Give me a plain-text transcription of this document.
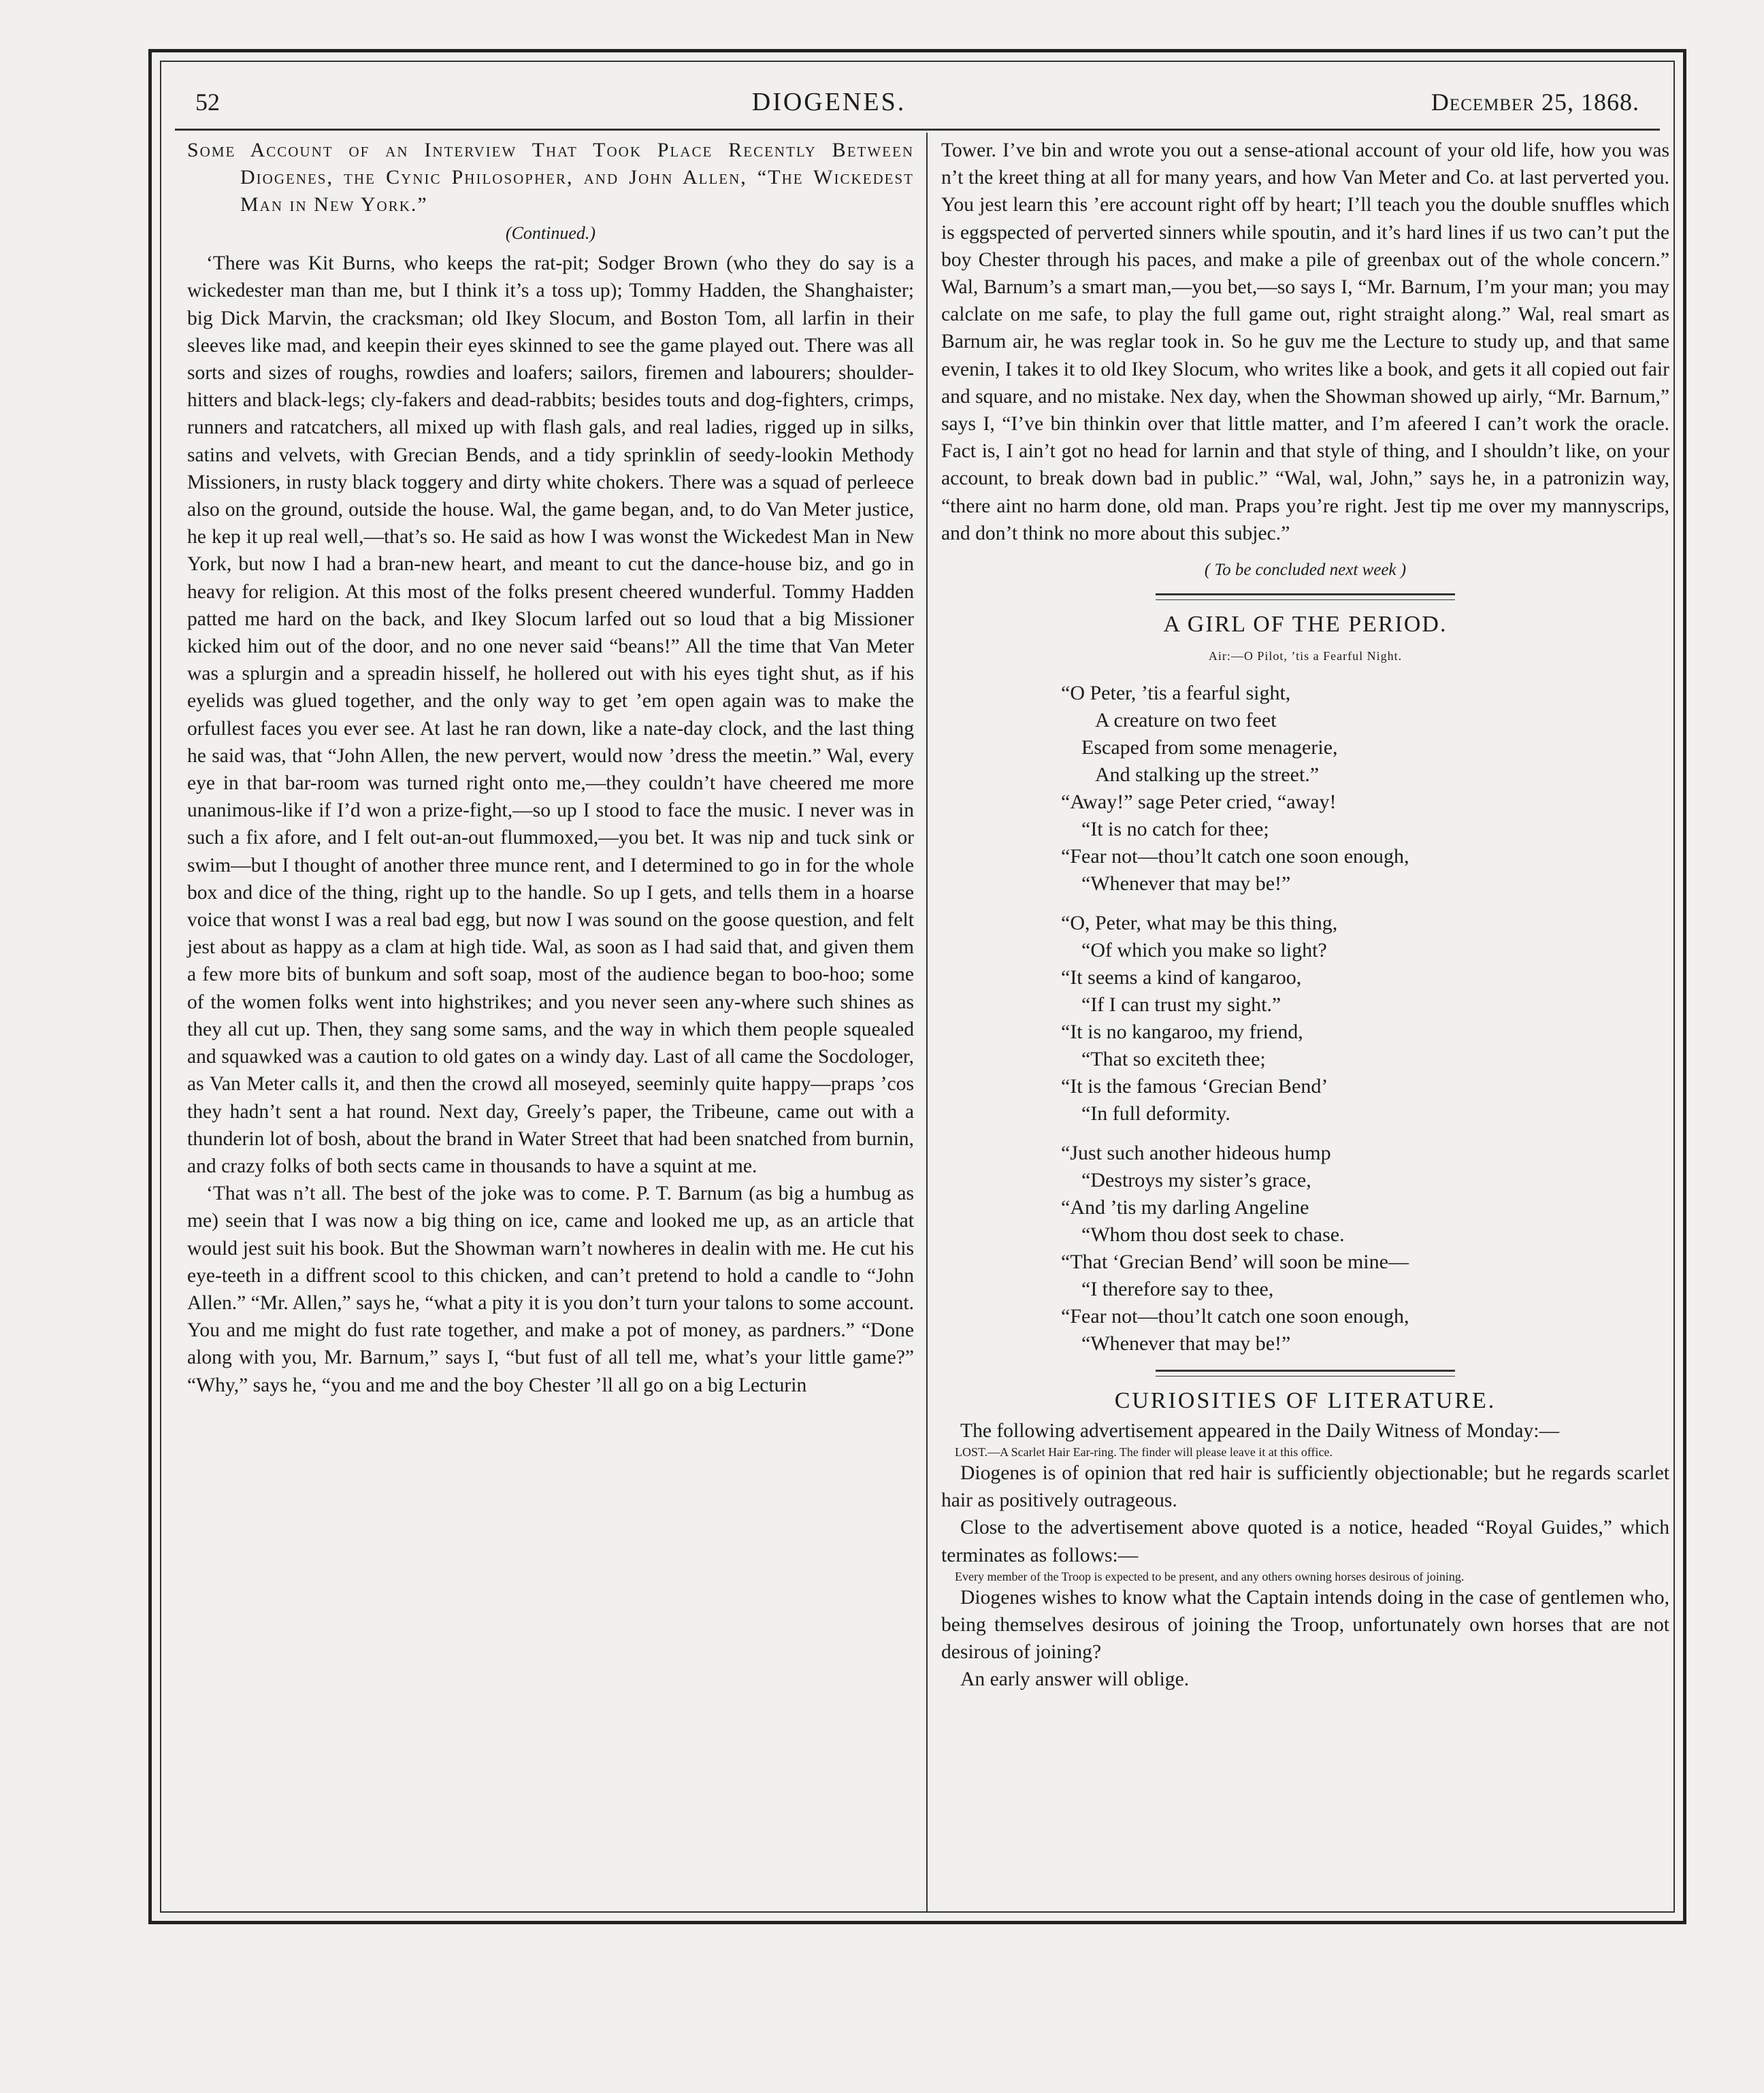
52	DIOGENES.	December 25, 1868.
Some Account of an Interview That Took Place Recently Between Diogenes, the Cynic Philosopher, and John Allen, “The Wickedest Man in New York.”
(Continued.)

‘There was Kit Burns, who keeps the rat-pit; Sodger Brown (who they do say is a wickedester man than me, but I think it’s a toss up); Tommy Hadden, the Shanghaister; big Dick Marvin, the cracksman; old Ikey Slocum, and Boston Tom, all larfin in their sleeves like mad, and keepin their eyes skinned to see the game played out. There was all sorts and sizes of roughs, rowdies and loafers; sailors, firemen and labourers; shoulder-hitters and black-legs; cly-fakers and dead-rabbits; besides touts and dog-fighters, crimps, runners and ratcatchers, all mixed up with flash gals, and real ladies, rigged up in silks, satins and velvets, with Grecian Bends, and a tidy sprinklin of seedy-lookin Methody Missioners, in rusty black toggery and dirty white chokers. There was a squad of perleece also on the ground, outside the house. Wal, the game began, and, to do Van Meter justice, he kep it up real well,—that’s so. He said as how I was wonst the Wickedest Man in New York, but now I had a bran-new heart, and meant to cut the dance-house biz, and go in heavy for religion. At this most of the folks present cheered wunderful. Tommy Hadden patted me hard on the back, and Ikey Slocum larfed out so loud that a big Missioner kicked him out of the door, and no one never said “beans!” All the time that Van Meter was a splurgin and a spreadin hisself, he hollered out with his eyes tight shut, as if his eyelids was glued together, and the only way to get ’em open again was to make the orfullest faces you ever see. At last he ran down, like a nate-day clock, and the last thing he said was, that “John Allen, the new pervert, would now ’dress the meetin.” Wal, every eye in that bar-room was turned right onto me,—they couldn’t have cheered me more unanimous-like if I’d won a prize-fight,—so up I stood to face the music. I never was in such a fix afore, and I felt out-an-out flummoxed,—you bet. It was nip and tuck sink or swim—but I thought of another three munce rent, and I determined to go in for the whole box and dice of the thing, right up to the handle. So up I gets, and tells them in a hoarse voice that wonst I was a real bad egg, but now I was sound on the goose question, and felt jest about as happy as a clam at high tide. Wal, as soon as I had said that, and given them a few more bits of bunkum and soft soap, most of the audience began to boo-hoo; some of the women folks went into highstrikes; and you never seen any-where such shines as they all cut up. Then, they sang some sams, and the way in which them people squealed and squawked was a caution to old gates on a windy day. Last of all came the Socdologer, as Van Meter calls it, and then the crowd all moseyed, seeminly quite happy—praps ’cos they hadn’t sent a hat round. Next day, Greely’s paper, the Tribeune, came out with a thunderin lot of bosh, about the brand in Water Street that had been snatched from burnin, and crazy folks of both sects came in thousands to have a squint at me.

‘That was n’t all. The best of the joke was to come. P. T. Barnum (as big a humbug as me) seein that I was now a big thing on ice, came and looked me up, as an article that would jest suit his book. But the Showman warn’t nowheres in dealin with me. He cut his eye-teeth in a diffrent scool to this chicken, and can’t pretend to hold a candle to “John Allen.” “Mr. Allen,” says he, “what a pity it is you don’t turn your talons to some account. You and me might do fust rate together, and make a pot of money, as pardners.” “Done along with you, Mr. Barnum,” says I, “but fust of all tell me, what’s your little game?” “Why,” says he, “you and me and the boy Chester ’ll all go on a big Lecturin

Tower. I’ve bin and wrote you out a sense-ational account of your old life, how you was n’t the kreet thing at all for many years, and how Van Meter and Co. at last perverted you. You jest learn this ’ere account right off by heart; I’ll teach you the double snuffles which is eggspected of perverted sinners while spoutin, and it’s hard lines if us two can’t put the boy Chester through his paces, and make a pile of greenbax out of the whole concern.” Wal, Barnum’s a smart man,—you bet,—so says I, “Mr. Barnum, I’m your man; you may calclate on me safe, to play the full game out, right straight along.” Wal, real smart as Barnum air, he was reglar took in. So he guv me the Lecture to study up, and that same evenin, I takes it to old Ikey Slocum, who writes like a book, and gets it all copied out fair and square, and no mistake. Nex day, when the Showman showed up airly, “Mr. Barnum,” says I, “I’ve bin thinkin over that little matter, and I’m afeered I can’t work the oracle. Fact is, I ain’t got no head for larnin and that style of thing, and I shouldn’t like, on your account, to break down bad in public.” “Wal, wal, John,” says he, in a patronizin way, “there aint no harm done, old man. Praps you’re right. Jest tip me over my mannyscrips, and don’t think no more about this subjec.”

( To be concluded next week )
A GIRL OF THE PERIOD.
Air:—O Pilot, ’tis a Fearful Night.
“O Peter, ’tis a fearful sight,
A creature on two feet
Escaped from some menagerie,
And stalking up the street.”
“Away!” sage Peter cried, “away!
“It is no catch for thee;
“Fear not—thou’lt catch one soon enough,
“Whenever that may be!”
“O, Peter, what may be this thing,
“Of which you make so light?
“It seems a kind of kangaroo,
“If I can trust my sight.”
“It is no kangaroo, my friend,
“That so exciteth thee;
“It is the famous ‘Grecian Bend’
“In full deformity.
“Just such another hideous hump
“Destroys my sister’s grace,
“And ’tis my darling Angeline
“Whom thou dost seek to chase.
“That ‘Grecian Bend’ will soon be mine—
“I therefore say to thee,
“Fear not—thou’lt catch one soon enough,
“Whenever that may be!”
CURIOSITIES OF LITERATURE.

The following advertisement appeared in the Daily Witness of Monday:—

LOST.—A Scarlet Hair Ear-ring. The finder will please leave it at this office.

Diogenes is of opinion that red hair is sufficiently objectionable; but he regards scarlet hair as positively outrageous.

Close to the advertisement above quoted is a notice, headed “Royal Guides,” which terminates as follows:—

Every member of the Troop is expected to be present, and any others owning horses desirous of joining.

Diogenes wishes to know what the Captain intends doing in the case of gentlemen who, being themselves desirous of joining the Troop, unfortunately own horses that are not desirous of joining?

An early answer will oblige.
